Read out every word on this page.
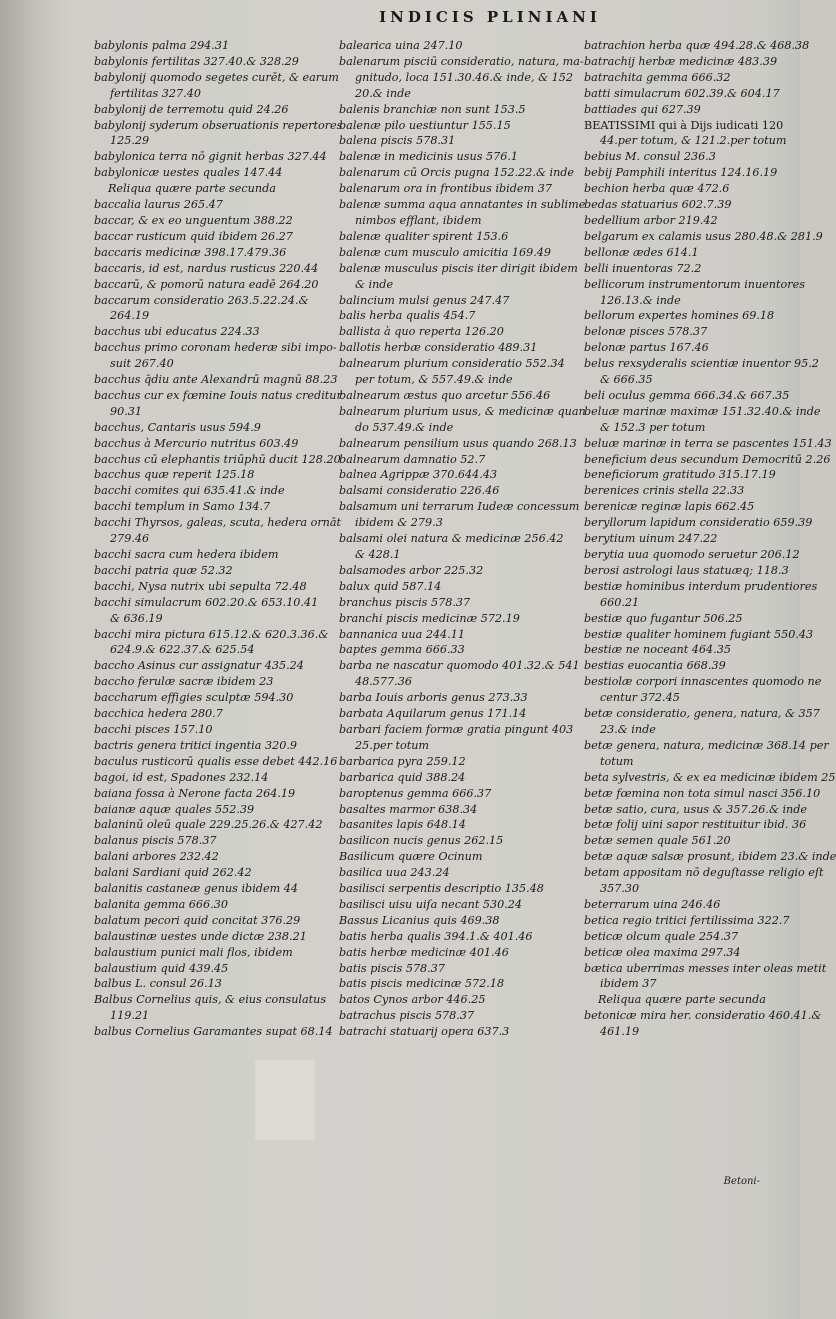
INDICIS PLINIANI
babylonis palma 294.31
babylonis fertilitas 327.40.& 328.29
babylonij quomodo segetes curēt, & earum
fertilitas 327.40
babylonij de terremotu quid 24.26
babylonij syderum obseruationis repertores
125.29
babylonica terra nō gignit herbas 327.44
babylonicæ uestes quales 147.44
Reliqua quære parte secunda
baccalia laurus 265.47
baccar, & ex eo unguentum 388.22
baccar rusticum quid ibidem 26.27
baccaris medicinæ 398.17.479.36
baccaris, id est, nardus rusticus 220.44
baccarū, & pomorū natura eadē 264.20
baccarum consideratio 263.5.22.24.&
264.19
bacchus ubi educatus 224.33
bacchus primo coronam hederæ sibi impo-
suit 267.40
bacchus q̄diu ante Alexandrū magnū 88.23
bacchus cur ex fœmine Iouis natus creditur
90.31
bacchus, Cantaris usus 594.9
bacchus à Mercurio nutritus 603.49
bacchus cū elephantis triūphū ducit 128.20
bacchus quæ reperit 125.18
bacchi comites qui 635.41.& inde
bacchi templum in Samo 134.7
bacchi Thyrsos, galeas, scuta, hedera ornāt
279.46
bacchi sacra cum hedera ibidem
bacchi patria quæ 52.32
bacchi, Nysa nutrix ubi sepulta 72.48
bacchi simulacrum 602.20.& 653.10.41
& 636.19
bacchi mira pictura 615.12.& 620.3.36.&
624.9.& 622.37.& 625.54
baccho Asinus cur assignatur 435.24
baccho ferulæ sacræ ibidem 23
baccharum effigies sculptæ 594.30
bacchica hedera 280.7
bacchi pisces 157.10
bactris genera tritici ingentia 320.9
baculus rusticorū qualis esse debet 442.16
bagoi, id est, Spadones 232.14
baiana fossa à Nerone facta 264.19
baianæ aquæ quales 552.39
balaninū oleū quale 229.25.26.& 427.42
balanus piscis 578.37
balani arbores 232.42
balani Sardiani quid 262.42
balanitis castaneæ genus ibidem 44
balanita gemma 666.30
balatum pecori quid concitat 376.29
balaustinæ uestes unde dictæ 238.21
balaustium punici mali flos, ibidem
balaustium quid 439.45
balbus L. consul 26.13
Balbus Cornelius quis, & eius consulatus
119.21
balbus Cornelius Garamantes supat 68.14
balearica uina 247.10
balenarum pisciū consideratio, natura, ma-
gnitudo, loca 151.30.46.& inde, & 152
20.& inde
balenis branchiæ non sunt 153.5
balenæ pilo uestiuntur 155.15
balena piscis 578.31
balenæ in medicinis usus 576.1
balenarum cū Orcis pugna 152.22.& inde
balenarum ora in frontibus ibidem 37
balenæ summa aqua annatantes in sublime
nimbos efflant, ibidem
balenæ qualiter spirent 153.6
balenæ cum musculo amicitia 169.49
balenæ musculus piscis iter dirigit ibidem
& inde
balincium mulsi genus 247.47
balis herba qualis 454.7
ballista à quo reperta 126.20
ballotis herbæ consideratio 489.31
balnearum plurium consideratio 552.34
per totum, & 557.49.& inde
balnearum æstus quo arcetur 556.46
balnearum plurium usus, & medicinæ quan
do 537.49.& inde
balnearum pensilium usus quando 268.13
balnearum damnatio 52.7
balnea Agrippæ 370.644.43
balsami consideratio 226.46
balsamum uni terrarum Iudeæ concessum
ibidem & 279.3
balsami olei natura & medicinæ 256.42
& 428.1
balsamodes arbor 225.32
balux quid 587.14
branchus piscis 578.37
branchi piscis medicinæ 572.19
bannanica uua 244.11
baptes gemma 666.33
barba ne nascatur quomodo 401.32.& 541
48.577.36
barba Iouis arboris genus 273.33
barbata Aquilarum genus 171.14
barbari faciem formæ gratia pingunt 403
25.per totum
barbarica pyra 259.12
barbarica quid 388.24
baroptenus gemma 666.37
basaltes marmor 638.34
basanites lapis 648.14
basilicon nucis genus 262.15
Basilicum quære Ocinum
basilica uua 243.24
basilisci serpentis descriptio 135.48
basilisci uisu uiſa necant 530.24
Bassus Licanius quis 469.38
batis herba qualis 394.1.& 401.46
batis herbæ medicinæ 401.46
batis piscis 578.37
batis piscis medicinæ 572.18
batos Cynos arbor 446.25
batrachus piscis 578.37
batrachi statuarij opera 637.3
batrachion herba quæ 494.28.& 468.38
batrachij herbæ medicinæ 483.39
batrachita gemma 666.32
batti simulacrum 602.39.& 604.17
battiades qui 627.39
BEATISSIMI qui à Dijs iudicati 120
44.per totum, & 121.2.per totum
bebius M. consul 236.3
bebij Pamphili interitus 124.16.19
bechion herba quæ 472.6
bedas statuarius 602.7.39
bedellium arbor 219.42
belgarum ex calamis usus 280.48.& 281.9
bellonæ ædes 614.1
belli inuentoras 72.2
bellicorum instrumentorum inuentores
126.13.& inde
bellorum expertes homines 69.18
belonæ pisces 578.37
belonæ partus 167.46
belus rexsyderalis scientiæ inuentor 95.2
& 666.35
beli oculus gemma 666.34.& 667.35
beluæ marinæ maximæ 151.32.40.& inde
& 152.3 per totum
beluæ marinæ in terra se pascentes 151.43
beneficium deus secundum Democritū 2.26
beneficiorum gratitudo 315.17.19
berenices crinis stella 22.33
berenicæ reginæ lapis 662.45
beryllorum lapidum consideratio 659.39
berytium uinum 247.22
berytia uua quomodo seruetur 206.12
berosi astrologi laus statuæq; 118.3
bestiæ hominibus interdum prudentiores
660.21
bestiæ quo fugantur 506.25
bestiæ qualiter hominem fugiant 550.43
bestiæ ne noceant 464.35
bestias euocantia 668.39
bestiolæ corpori innascentes quomodo ne
centur 372.45
betæ consideratio, genera, natura, & 357
23.& inde
betæ genera, natura, medicinæ 368.14 per
totum
beta sylvestris, & ex ea medicinæ ibidem 25
betæ fœmina non tota simul nasci 356.10
betæ satio, cura, usus & 357.26.& inde
betæ folij uini sapor restituitur ibid. 36
betæ semen quale 561.20
betæ aquæ salsæ prosunt, ibidem 23.& inde
betam appositam nō deguſtasse religio eſt
357.30
beterrarum uina 246.46
betica regio tritici fertilissima 322.7
beticæ olcum quale 254.37
beticæ olea maxima 297.34
bætica uberrimas messes inter oleas metit
ibidem 37
Reliqua quære parte secunda
betonicæ mira her. consideratio 460.41.&
461.19
Betoni-
